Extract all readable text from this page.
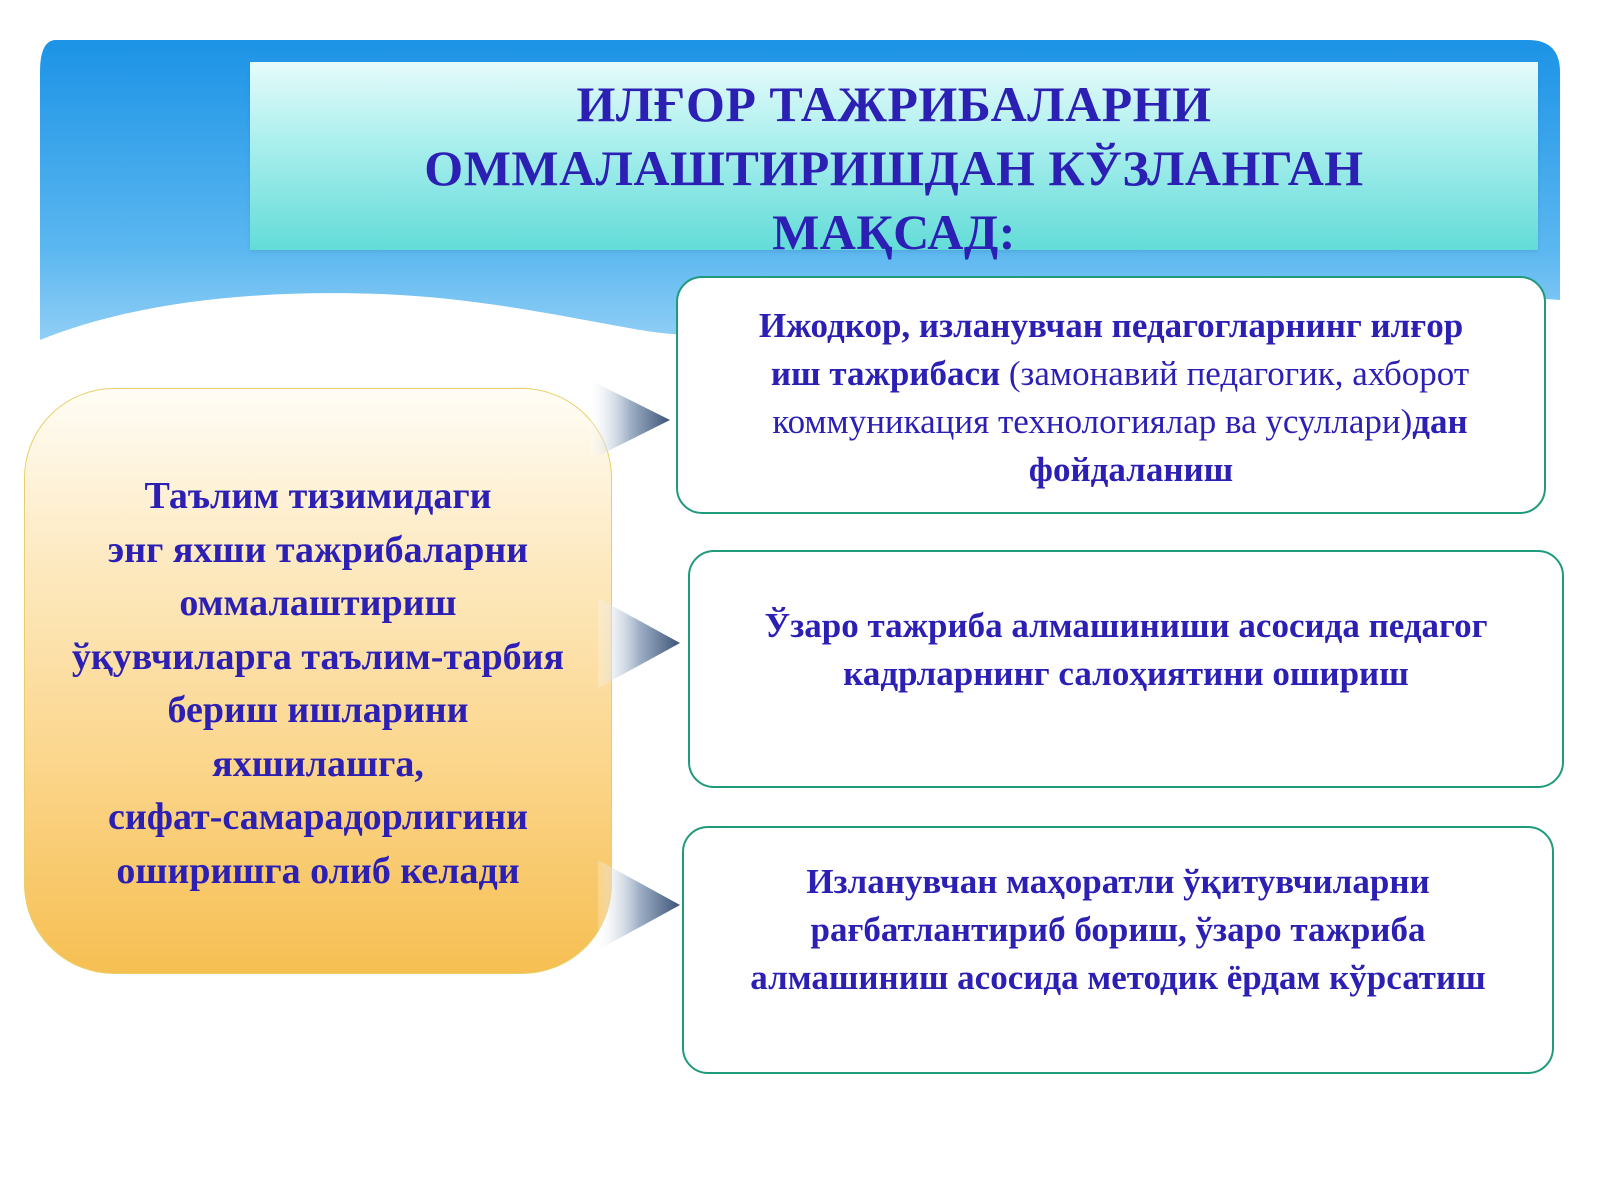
ИЛҒОР ТАЖРИБАЛАРНИ
ОММАЛАШТИРИШДАН КЎЗЛАНГАН
МАҚСАД:
Таълим тизимидаги
энг яхши тажрибаларни
оммалаштириш
ўқувчиларга таълим-тарбия
бериш ишларини
яхшилашга,
сифат-самарадорлигини
оширишга олиб келади
Ижодкор, изланувчан педагогларнинг илғор
иш тажрибаси (замонавий педагогик, ахборот
коммуникация технологиялар ва усуллари)дан
фойдаланиш
Ўзаро тажриба алмашиниши асосида педагог
кадрларнинг салоҳиятини ошириш
Изланувчан маҳоратли ўқитувчиларни
рағбатлантириб бориш, ўзаро тажриба
алмашиниш асосида методик ёрдам кўрсатиш
